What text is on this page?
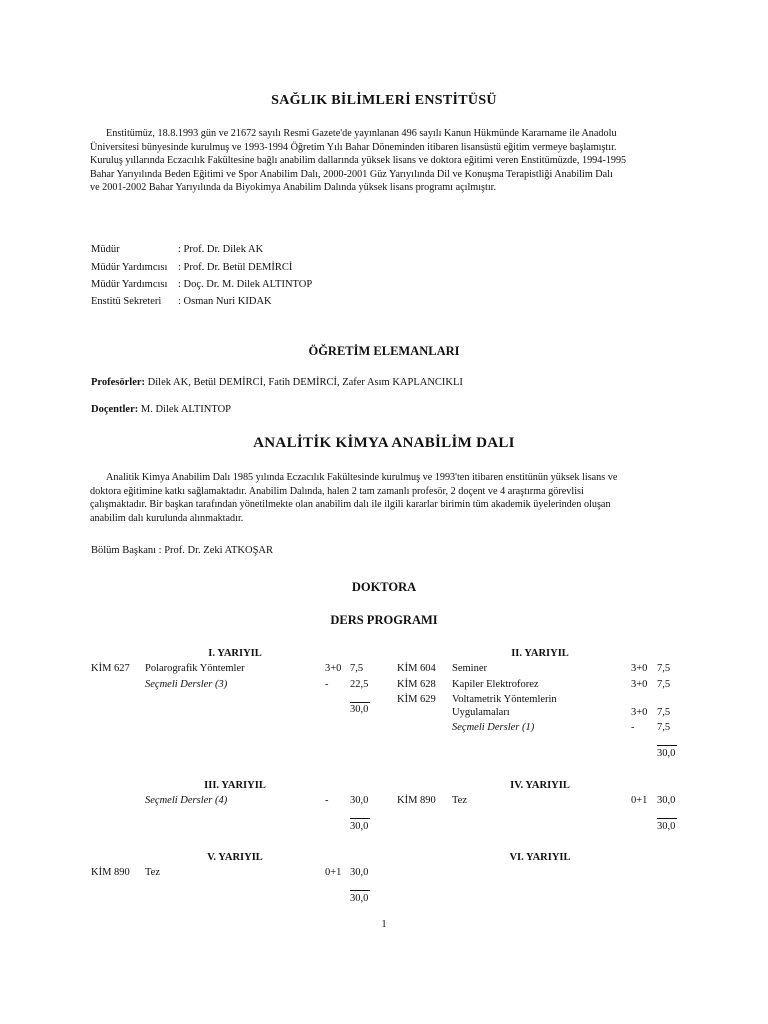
SAĞLIK BİLİMLERİ ENSTİTÜSÜ
Enstitümüz, 18.8.1993 gün ve 21672 sayılı Resmi Gazete'de yayınlanan 496 sayılı Kanun Hükmünde Kararname ile Anadolu
Üniversitesi bünyesinde kurulmuş ve 1993-1994 Öğretim Yılı Bahar Döneminden itibaren lisansüstü eğitim vermeye başlamıştır.
Kuruluş yıllarında Eczacılık Fakültesine bağlı anabilim dallarında yüksek lisans ve doktora eğitimi veren Enstitümüzde, 1994-1995
Bahar Yarıyılında Beden Eğitimi ve Spor Anabilim Dalı, 2000-2001 Güz Yarıyılında Dil ve Konuşma Terapistliği Anabilim Dalı
ve 2001-2002 Bahar Yarıyılında da Biyokimya Anabilim Dalında yüksek lisans programı açılmıştır.
Müdür	: Prof. Dr. Dilek AK
Müdür Yardımcısı : Prof. Dr. Betül DEMİRCİ
Müdür Yardımcısı : Doç. Dr. M. Dilek ALTINTOP
Enstitü Sekreteri : Osman Nuri KIDAK
ÖĞRETİM ELEMANLARI
Profesörler: Dilek AK, Betül DEMİRCİ, Fatih DEMİRCİ, Zafer Asım KAPLANCIKLI
Doçentler: M. Dilek ALTINTOP
ANALİTİK KİMYA ANABİLİM DALI
Analitik Kimya Anabilim Dalı 1985 yılında Eczacılık Fakültesinde kurulmuş ve 1993'ten itibaren enstitünün yüksek lisans ve
doktora eğitimine katkı sağlamaktadır. Anabilim Dalında, halen 2 tam zamanlı profesör, 2 doçent ve 4 araştırma görevlisi
çalışmaktadır. Bir başkan tarafından yönetilmekte olan anabilim dalı ile ilgili kararlar birimin tüm akademik üyelerinden oluşan
anabilim dalı kurulunda alınmaktadır.
Bölüm Başkanı : Prof. Dr. Zeki ATKOŞAR
DOKTORA
DERS PROGRAMI
I. YARIYIL
KİM 627 Polarografik Yöntemler	3+0 7,5
Seçmeli Dersler (3)	- 22,5
30,0
II. YARIYIL
KİM 604 Seminer	3+0 7,5
KİM 628 Kapiler Elektroforez	3+0 7,5
KİM 629 Voltametrik Yöntemlerin
Uygulamaları	3+0 7,5
Seçmeli Dersler (1)	- 7,5
30,0
III. YARIYIL
Seçmeli Dersler (4)	- 30,0
30,0
IV. YARIYIL
KİM 890 Tez	0+1 30,0
30,0
V. YARIYIL
KİM 890 Tez	0+1 30,0
30,0
VI. YARIYIL
1
